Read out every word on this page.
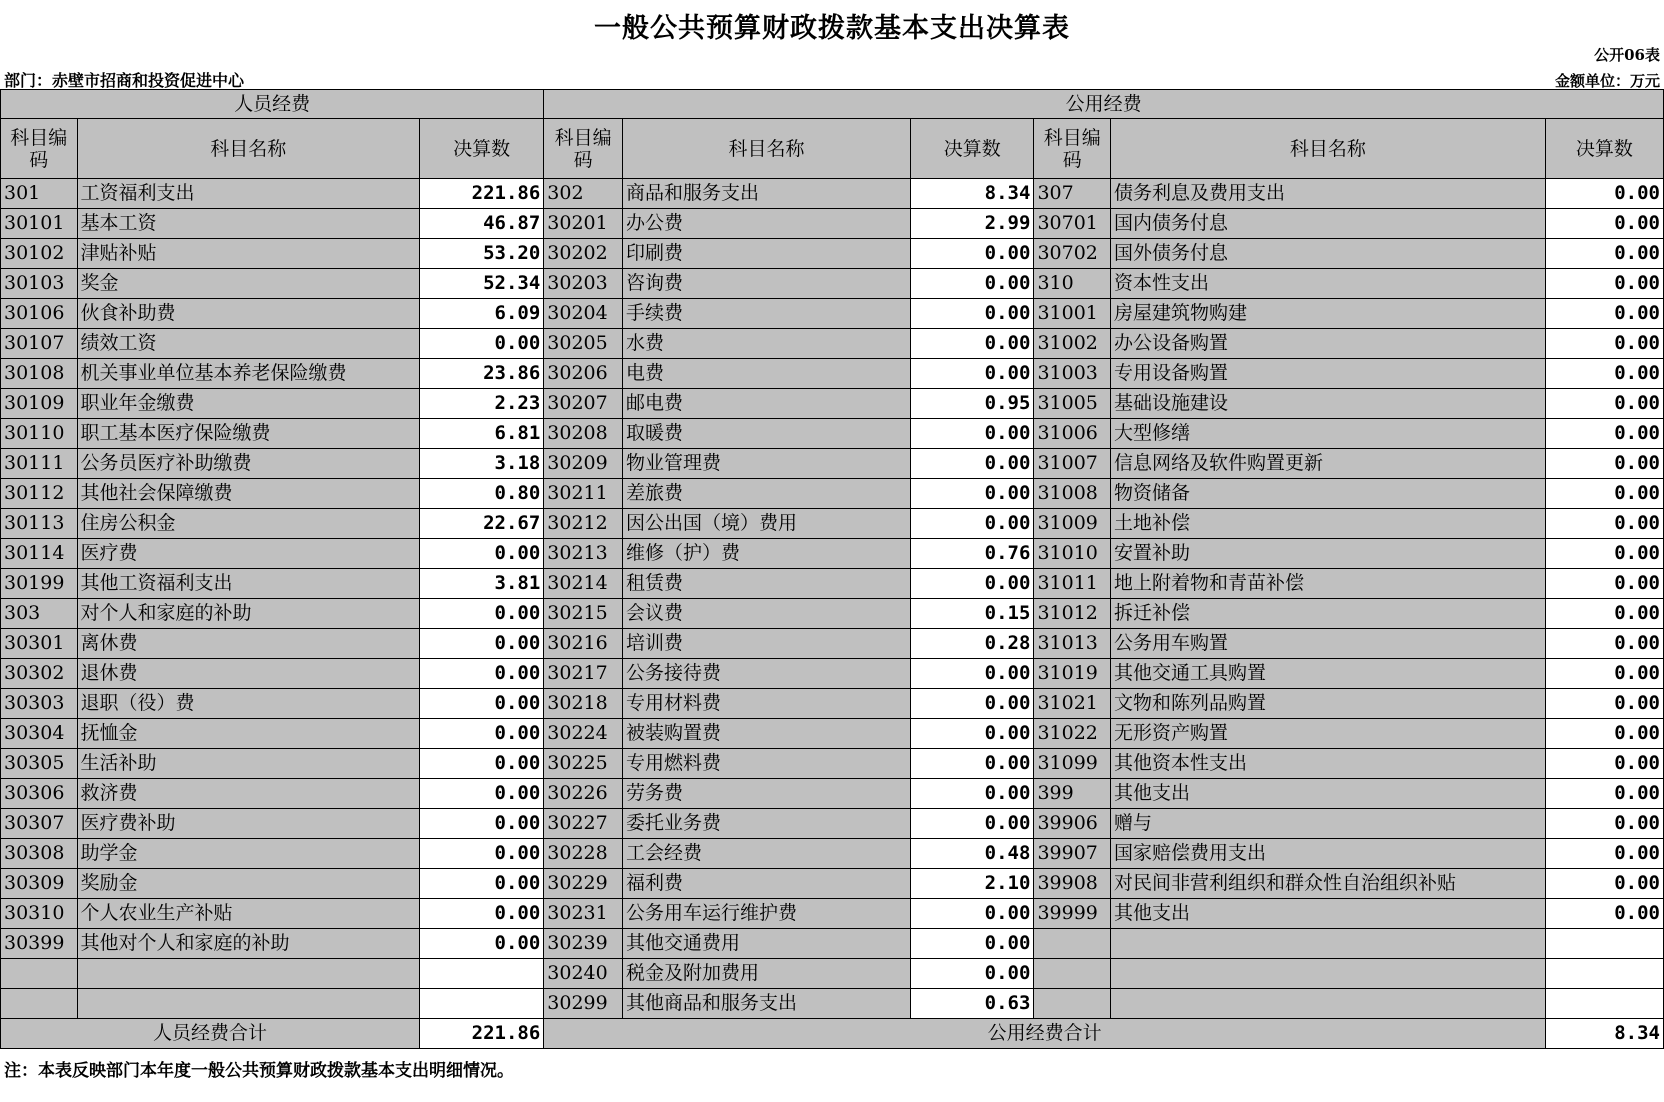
一般公共预算财政拨款基本支出决算表
公开06表
部门：赤壁市招商和投资促进中心	金额单位：万元
人员经费			公用经费					
科目编码	科目名称	决算数	科目编码	科目名称	决算数	科目编码	科目名称	决算数
301	工资福利支出	221.86	302	商品和服务支出	8.34	307	债务利息及费用支出	0.00
30101	基本工资	46.87	30201	办公费	2.99	30701	国内债务付息	0.00
30102	津贴补贴	53.20	30202	印刷费	0.00	30702	国外债务付息	0.00
30103	奖金	52.34	30203	咨询费	0.00	310	资本性支出	0.00
30106	伙食补助费	6.09	30204	手续费	0.00	31001	房屋建筑物购建	0.00
30107	绩效工资	0.00	30205	水费	0.00	31002	办公设备购置	0.00
30108	机关事业单位基本养老保险缴费	23.86	30206	电费	0.00	31003	专用设备购置	0.00
30109	职业年金缴费	2.23	30207	邮电费	0.95	31005	基础设施建设	0.00
30110	职工基本医疗保险缴费	6.81	30208	取暖费	0.00	31006	大型修缮	0.00
30111	公务员医疗补助缴费	3.18	30209	物业管理费	0.00	31007	信息网络及软件购置更新	0.00
30112	其他社会保障缴费	0.80	30211	差旅费	0.00	31008	物资储备	0.00
30113	住房公积金	22.67	30212	因公出国（境）费用	0.00	31009	土地补偿	0.00
30114	医疗费	0.00	30213	维修（护）费	0.76	31010	安置补助	0.00
30199	其他工资福利支出	3.81	30214	租赁费	0.00	31011	地上附着物和青苗补偿	0.00
303	对个人和家庭的补助	0.00	30215	会议费	0.15	31012	拆迁补偿	0.00
30301	离休费	0.00	30216	培训费	0.28	31013	公务用车购置	0.00
30302	退休费	0.00	30217	公务接待费	0.00	31019	其他交通工具购置	0.00
30303	退职（役）费	0.00	30218	专用材料费	0.00	31021	文物和陈列品购置	0.00
30304	抚恤金	0.00	30224	被装购置费	0.00	31022	无形资产购置	0.00
30305	生活补助	0.00	30225	专用燃料费	0.00	31099	其他资本性支出	0.00
30306	救济费	0.00	30226	劳务费	0.00	399	其他支出	0.00
30307	医疗费补助	0.00	30227	委托业务费	0.00	39906	赠与	0.00
30308	助学金	0.00	30228	工会经费	0.48	39907	国家赔偿费用支出	0.00
30309	奖励金	0.00	30229	福利费	2.10	39908	对民间非营利组织和群众性自治组织补贴	0.00
30310	个人农业生产补贴	0.00	30231	公务用车运行维护费	0.00	39999	其他支出	0.00
30399	其他对个人和家庭的补助	0.00	30239	其他交通费用	0.00			
			30240	税金及附加费用	0.00			
			30299	其他商品和服务支出	0.63			
人员经费合计		221.86	公用经费合计					8.34
注：本表反映部门本年度一般公共预算财政拨款基本支出明细情况。
